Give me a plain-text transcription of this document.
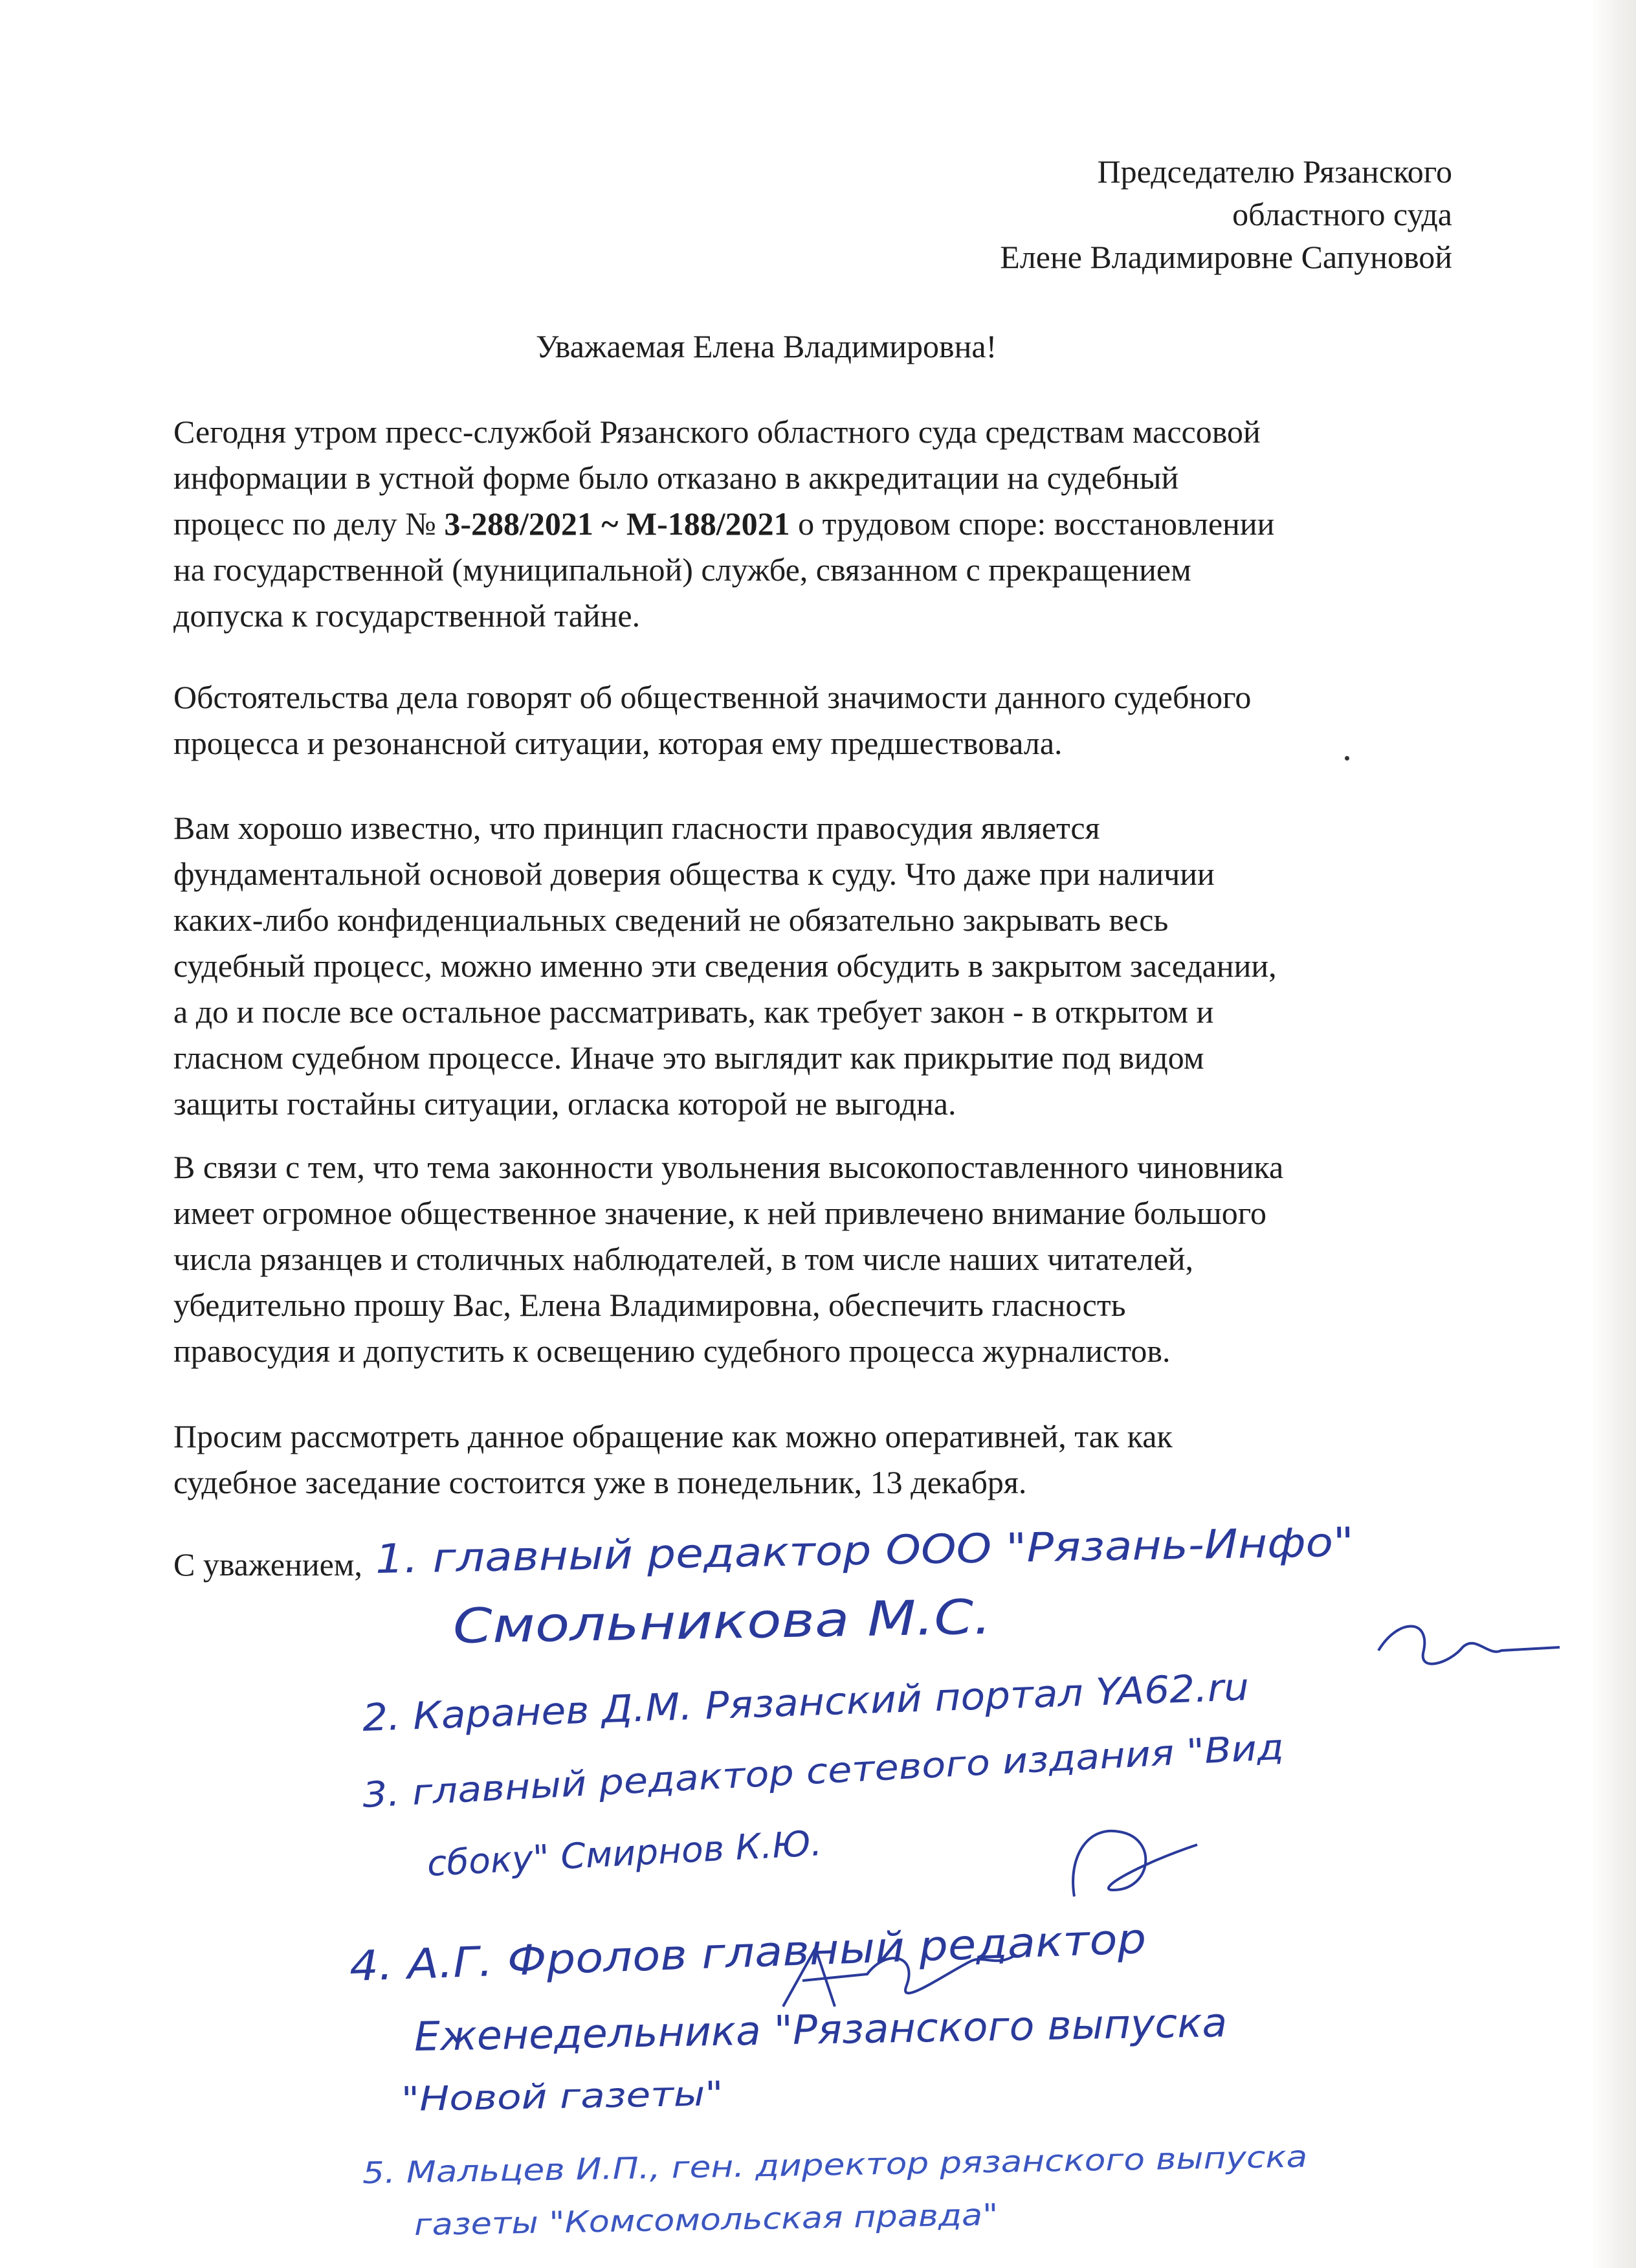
Председателю Рязанского
областного суда
Елене Владимировне Сапуновой
Уважаемая Елена Владимировна!
Сегодня утром пресс-службой Рязанского областного суда средствам массовой
информации в устной форме было отказано в аккредитации на судебный
процесс по делу № 3-288/2021 ~ М-188/2021 о трудовом споре: восстановлении
на государственной (муниципальной) службе, связанном с прекращением
допуска к государственной тайне.
Обстоятельства дела говорят об общественной значимости данного судебного
процесса и резонансной ситуации, которая ему предшествовала.
Вам хорошо известно, что принцип гласности правосудия является
фундаментальной основой доверия общества к суду. Что даже при наличии
каких-либо конфиденциальных сведений не обязательно закрывать весь
судебный процесс, можно именно эти сведения обсудить в закрытом заседании,
а до и после все остальное рассматривать, как требует закон - в открытом и
гласном судебном процессе. Иначе это выглядит как прикрытие под видом
защиты гостайны ситуации, огласка которой не выгодна.
В связи с тем, что тема законности увольнения высокопоставленного чиновника
имеет огромное общественное значение, к ней привлечено внимание большого
числа рязанцев и столичных наблюдателей, в том числе наших читателей,
убедительно прошу Вас, Елена Владимировна, обеспечить гласность
правосудия и допустить к освещению судебного процесса журналистов.
Просим рассмотреть данное обращение как можно оперативней, так как
судебное заседание состоится уже в понедельник, 13 декабря.
С уважением, 1. главный редактор ООО "Рязань-Инфо"
Смольникова М.С.
2. Каранев Д.М. Рязанский портал YA62.ru
3. главный редактор сетевого издания "Вид
сбоку" Смирнов К.Ю.
4. А.Г. Фролов главный редактор
Еженедельника "Рязанского выпуска
"Новой газеты"
5. Мальцев И.П., ген. директор рязанского выпуска
газеты "Комсомольская правда"
